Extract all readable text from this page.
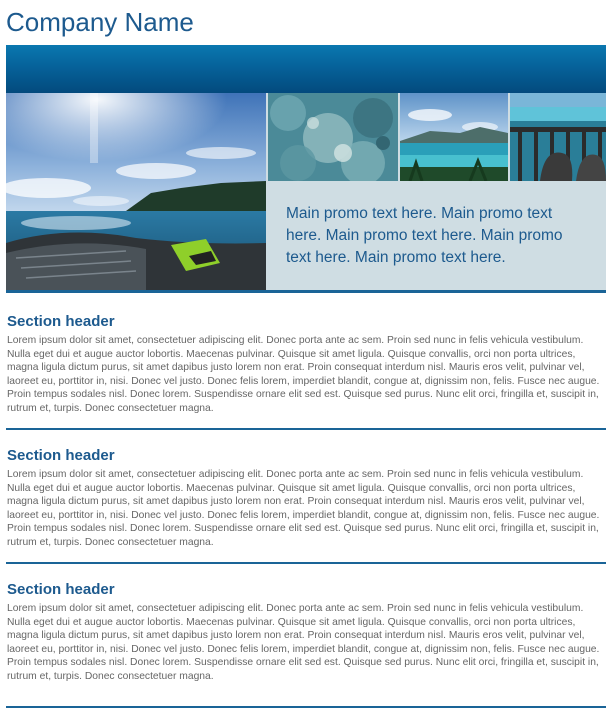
Company Name

Main promo text here. Main promo text here. Main promo text here. Main promo text here. Main promo text here.

Section header

Lorem ipsum dolor sit amet, consectetuer adipiscing elit. Donec porta ante ac sem. Proin sed nunc in felis vehicula vestibulum. Nulla eget dui et augue auctor lobortis. Maecenas pulvinar. Quisque sit amet ligula. Quisque convallis, orci non porta ultrices, magna ligula dictum purus, sit amet dapibus justo lorem non erat. Proin consequat interdum nisl. Mauris eros velit, pulvinar vel, laoreet eu, porttitor in, nisi. Donec vel justo. Donec felis lorem, imperdiet blandit, congue at, dignissim non, felis. Fusce nec augue. Proin tempus sodales nisl. Donec lorem. Suspendisse ornare elit sed est. Quisque sed purus. Nunc elit orci, fringilla et, suscipit in, rutrum et, turpis. Donec consectetuer magna.

Section header

Lorem ipsum dolor sit amet, consectetuer adipiscing elit. Donec porta ante ac sem. Proin sed nunc in felis vehicula vestibulum. Nulla eget dui et augue auctor lobortis. Maecenas pulvinar. Quisque sit amet ligula. Quisque convallis, orci non porta ultrices, magna ligula dictum purus, sit amet dapibus justo lorem non erat. Proin consequat interdum nisl. Mauris eros velit, pulvinar vel, laoreet eu, porttitor in, nisi. Donec vel justo. Donec felis lorem, imperdiet blandit, congue at, dignissim non, felis. Fusce nec augue. Proin tempus sodales nisl. Donec lorem. Suspendisse ornare elit sed est. Quisque sed purus. Nunc elit orci, fringilla et, suscipit in, rutrum et, turpis. Donec consectetuer magna.

Section header

Lorem ipsum dolor sit amet, consectetuer adipiscing elit. Donec porta ante ac sem. Proin sed nunc in felis vehicula vestibulum. Nulla eget dui et augue auctor lobortis. Maecenas pulvinar. Quisque sit amet ligula. Quisque convallis, orci non porta ultrices, magna ligula dictum purus, sit amet dapibus justo lorem non erat. Proin consequat interdum nisl. Mauris eros velit, pulvinar vel, laoreet eu, porttitor in, nisi. Donec vel justo. Donec felis lorem, imperdiet blandit, congue at, dignissim non, felis. Fusce nec augue. Proin tempus sodales nisl. Donec lorem. Suspendisse ornare elit sed est. Quisque sed purus. Nunc elit orci, fringilla et, suscipit in, rutrum et, turpis. Donec consectetuer magna.
